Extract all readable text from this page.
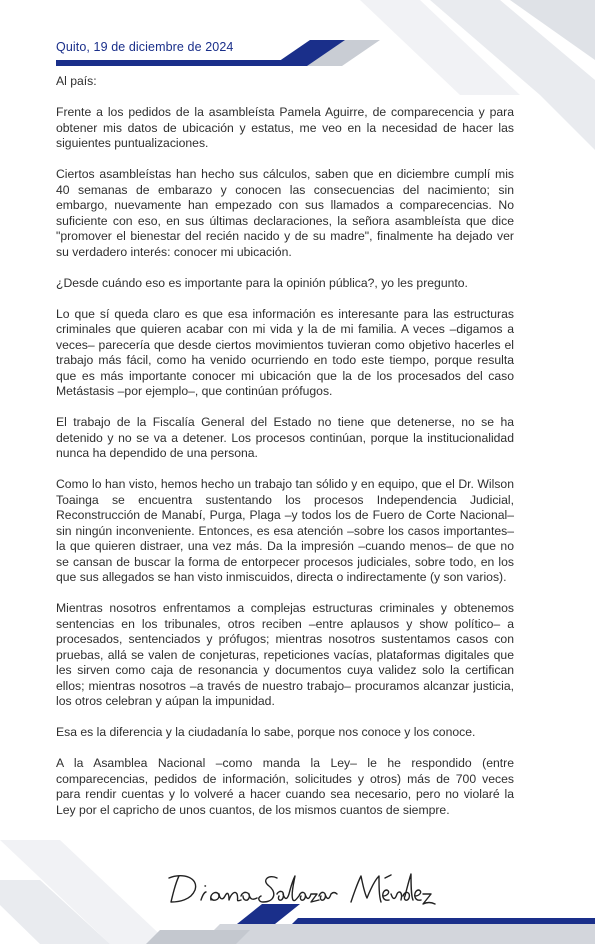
Quito, 19 de diciembre de 2024

Al país:

Frente a los pedidos de la asambleísta Pamela Aguirre, de comparecencia y para obtener mis datos de ubicación y estatus, me veo en la necesidad de hacer las siguientes puntualizaciones.

Ciertos asambleístas han hecho sus cálculos, saben que en diciembre cumplí mis 40 semanas de embarazo y conocen las consecuencias del nacimiento; sin embargo, nuevamente han empezado con sus llamados a comparecencias. No suficiente con eso, en sus últimas declaraciones, la señora asambleísta que dice "promover el bienestar del recién nacido y de su madre", finalmente ha dejado ver su verdadero interés: conocer mi ubicación.

¿Desde cuándo eso es importante para la opinión pública?, yo les pregunto.

Lo que sí queda claro es que esa información es interesante para las estructuras criminales que quieren acabar con mi vida y la de mi familia. A veces –digamos a veces– parecería que desde ciertos movimientos tuvieran como objetivo hacerles el trabajo más fácil, como ha venido ocurriendo en todo este tiempo, porque resulta que es más importante conocer mi ubicación que la de los procesados del caso Metástasis –por ejemplo–, que continúan prófugos.

El trabajo de la Fiscalía General del Estado no tiene que detenerse, no se ha detenido y no se va a detener. Los procesos continúan, porque la institucionalidad nunca ha dependido de una persona.

Como lo han visto, hemos hecho un trabajo tan sólido y en equipo, que el Dr. Wilson Toainga se encuentra sustentando los procesos Independencia Judicial, Reconstrucción de Manabí, Purga, Plaga –y todos los de Fuero de Corte Nacional– sin ningún inconveniente. Entonces, es esa atención –sobre los casos importantes– la que quieren distraer, una vez más. Da la impresión –cuando menos– de que no se cansan de buscar la forma de entorpecer procesos judiciales, sobre todo, en los que sus allegados se han visto inmiscuidos, directa o indirectamente (y son varios).

Mientras nosotros enfrentamos a complejas estructuras criminales y obtenemos sentencias en los tribunales, otros reciben –entre aplausos y show político– a procesados, sentenciados y prófugos; mientras nosotros sustentamos casos con pruebas, allá se valen de conjeturas, repeticiones vacías, plataformas digitales que les sirven como caja de resonancia y documentos cuya validez solo la certifican ellos; mientras nosotros –a través de nuestro trabajo– procuramos alcanzar justicia, los otros celebran y aúpan la impunidad.

Esa es la diferencia y la ciudadanía lo sabe, porque nos conoce y los conoce.

A la Asamblea Nacional –como manda la Ley– le he respondido (entre comparecencias, pedidos de información, solicitudes y otros) más de 700 veces para rendir cuentas y lo volveré a hacer cuando sea necesario, pero no violaré la Ley por el capricho de unos cuantos, de los mismos cuantos de siempre.
